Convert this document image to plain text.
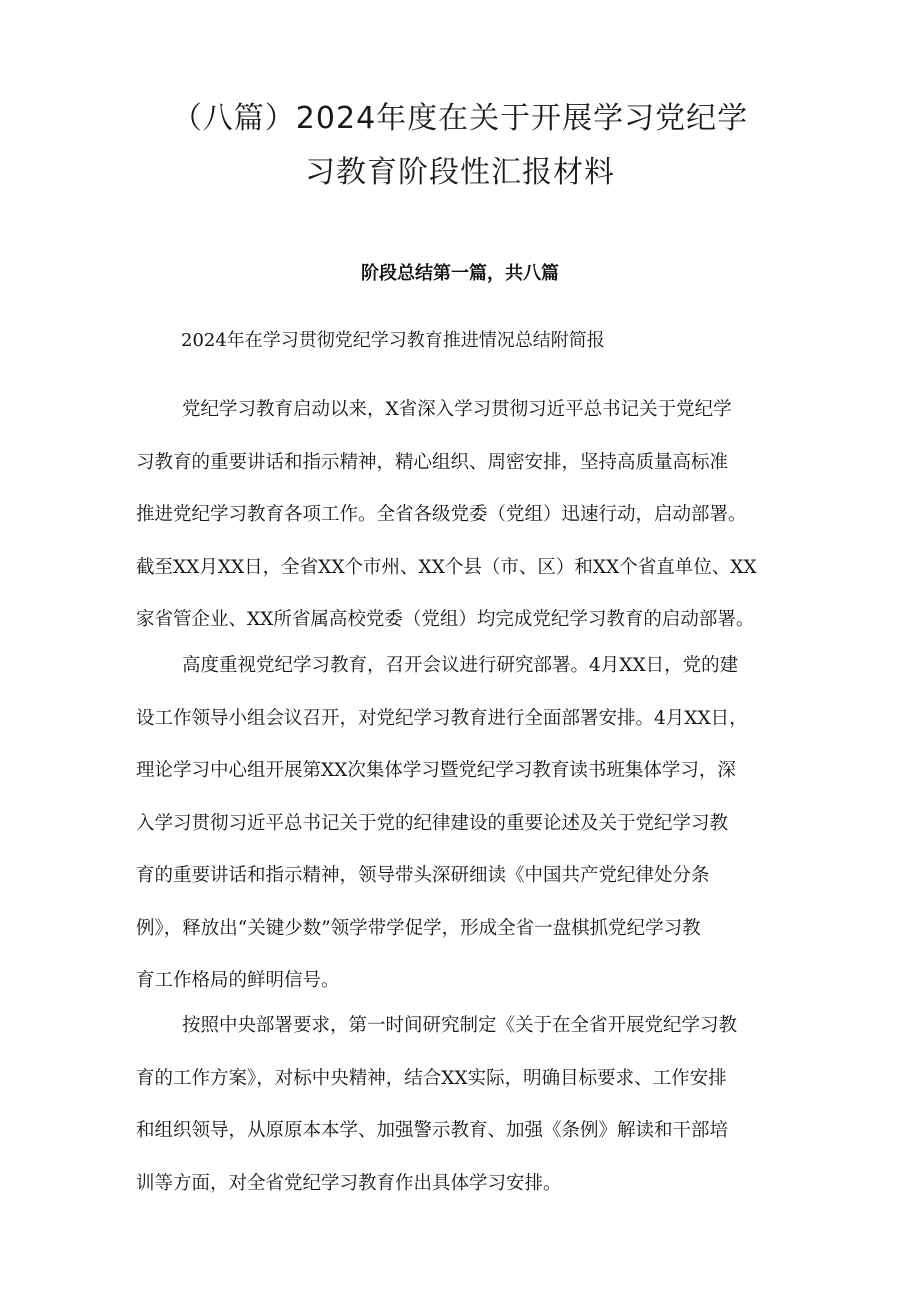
（八篇）2024年度在关于开展学习党纪学
习教育阶段性汇报材料

阶段总结第一篇，共八篇

2024年在学习贯彻党纪学习教育推进情况总结附简报

党纪学习教育启动以来，X省深入学习贯彻习近平总书记关于党纪学
习教育的重要讲话和指示精神，精心组织、周密安排，坚持高质量高标准
推进党纪学习教育各项工作。全省各级党委（党组）迅速行动，启动部署。
截至XX月XX日，全省XX个市州、XX个县（市、区）和XX个省直单位、XX
家省管企业、XX所省属高校党委（党组）均完成党纪学习教育的启动部署。
高度重视党纪学习教育，召开会议进行研究部署。4月XX日，党的建
设工作领导小组会议召开，对党纪学习教育进行全面部署安排。4月XX日，
理论学习中心组开展第XX次集体学习暨党纪学习教育读书班集体学习，深
入学习贯彻习近平总书记关于党的纪律建设的重要论述及关于党纪学习教
育的重要讲话和指示精神，领导带头深研细读《中国共产党纪律处分条
例》，释放出“关键少数”领学带学促学，形成全省一盘棋抓党纪学习教
育工作格局的鲜明信号。
按照中央部署要求，第一时间研究制定《关于在全省开展党纪学习教
育的工作方案》，对标中央精神，结合XX实际，明确目标要求、工作安排
和组织领导，从原原本本学、加强警示教育、加强《条例》解读和干部培
训等方面，对全省党纪学习教育作出具体学习安排。
